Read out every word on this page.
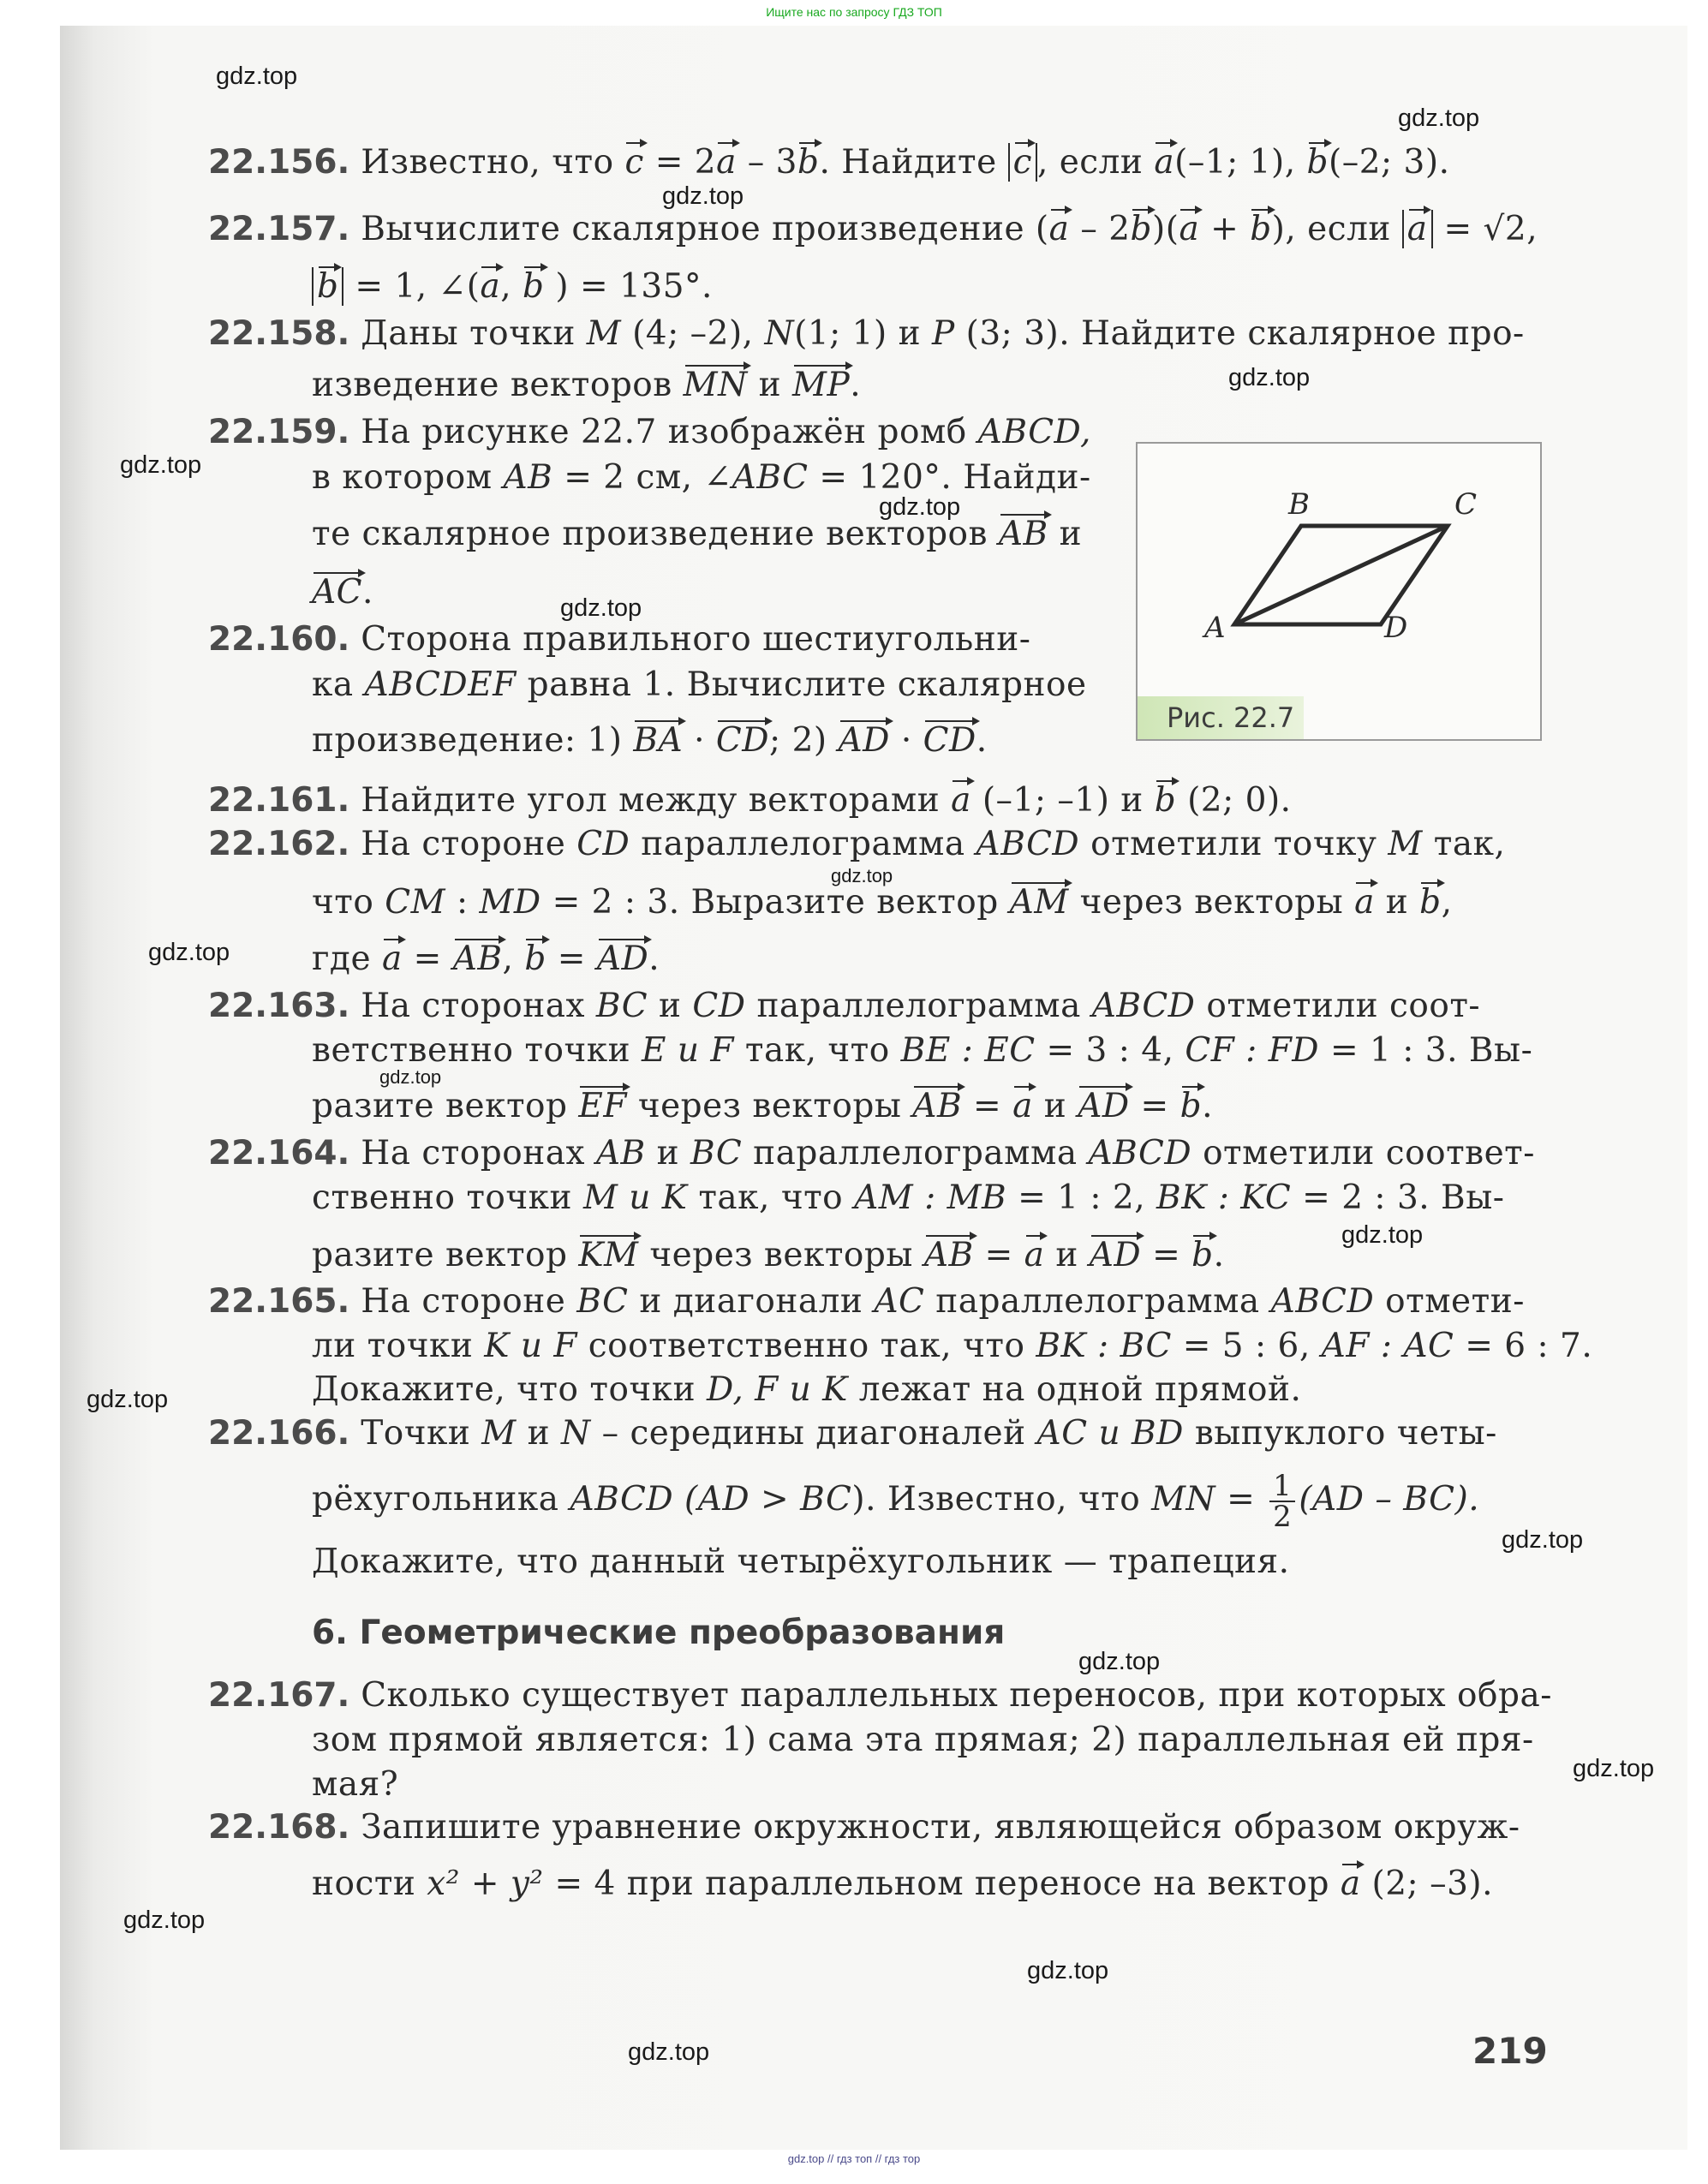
Ищите нас по запросу ГДЗ ТОП
gdz.top
gdz.top
gdz.top
gdz.top
gdz.top
gdz.top
gdz.top
gdz.top
gdz.top
gdz.top
gdz.top
gdz.top
gdz.top
gdz.top
gdz.top
gdz.top
gdz.top
gdz.top
22.156. Известно, что c = 2a – 3b. Найдите c , если a(–1; 1), b(–2; 3).
22.157. Вычислите скалярное произведение (a – 2b)(a + b), если a = √2,
b = 1, ∠(a, b ) = 135°.
22.158. Даны точки M (4; –2), N(1; 1) и P (3; 3). Найдите скалярное про-
изведение векторов MN и MP.
22.159. На рисунке 22.7 изображён ромб ABCD,
в котором AB = 2 см, ∠ABC = 120°. Найди-
те скалярное произведение векторов AB и
AC.
22.160. Сторона правильного шестиугольни-
ка ABCDEF равна 1. Вычислите скалярное
произведение: 1) BA · CD; 2) AD · CD.
B	C
A	D
Рис. 22.7
22.161. Найдите угол между векторами a (–1; –1) и b (2; 0).
22.162. На стороне CD параллелограмма ABCD отметили точку M так,
что CM : MD = 2 : 3. Выразите вектор AM через векторы a и b,
где a = AB, b = AD.
22.163. На сторонах BC и CD параллелограмма ABCD отметили соот-
ветственно точки E и F так, что BE : EC = 3 : 4, CF : FD = 1 : 3. Вы-
разите вектор EF через векторы AB = a и AD = b.
22.164. На сторонах AB и BC параллелограмма ABCD отметили соответ-
ственно точки M и K так, что AM : MB = 1 : 2, BK : KC = 2 : 3. Вы-
разите вектор KM через векторы AB = a и AD = b.
22.165. На стороне BC и диагонали AC параллелограмма ABCD отмети-
ли точки K и F соответственно так, что BK : BC = 5 : 6, AF : AC = 6 : 7.
Докажите, что точки D, F и K лежат на одной прямой.
22.166. Точки M и N – середины диагоналей AC и BD выпуклого четы-
рёхугольника ABCD (AD > BC). Известно, что MN = $\frac{1}{2} (AD - BC)$.
Докажите, что данный четырёхугольник — трапеция.
6. Геометрические преобразования
22.167. Сколько существует параллельных переносов, при которых обра-
зом прямой является: 1) сама эта прямая; 2) параллельная ей пря-
мая?
22.168. Запишите уравнение окружности, являющейся образом окруж-
ности x² + y² = 4 при параллельном переносе на вектор a (2; –3).
219
gdz.top // гдз топ // гдз тор
